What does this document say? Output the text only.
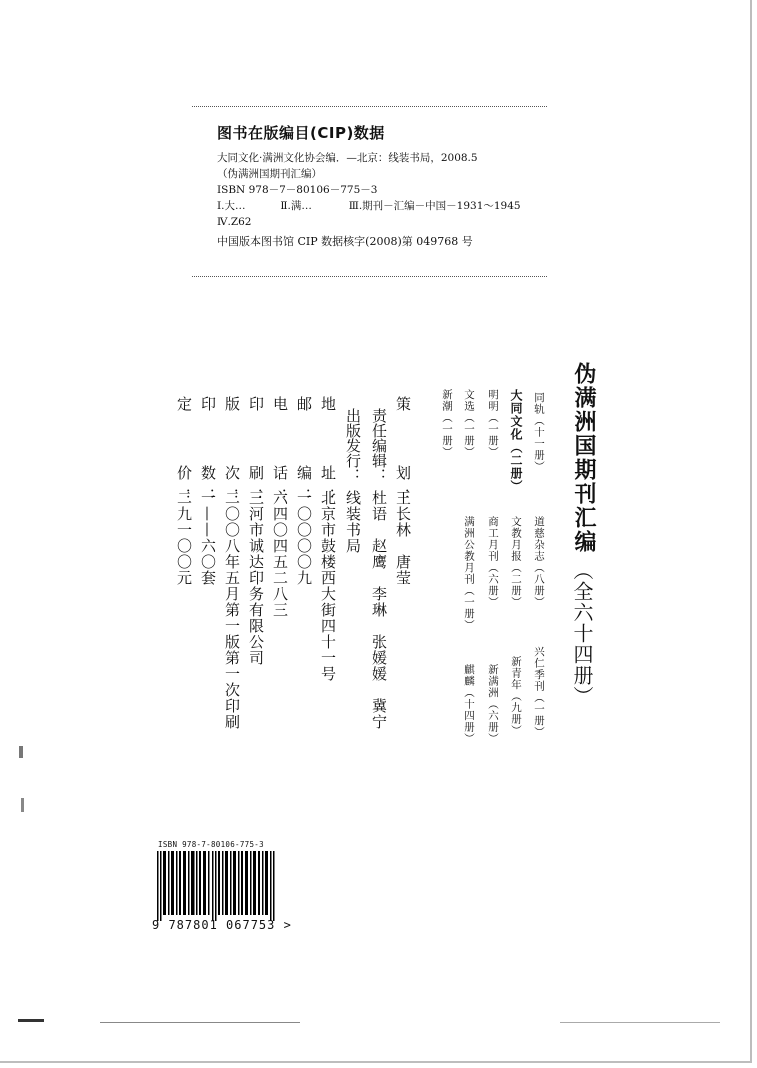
图书在版编目(CIP)数据
大同文化·满洲文化协会编．—北京：线装书局，2008.5
（伪满洲国期刊汇编）
ISBN 978－7－80106－775－3
Ⅰ.大…	Ⅱ.满…	Ⅲ.期刊－汇编－中国－1931～1945
Ⅳ.Z62
中国版本图书馆 CIP 数据核字(2008)第 049768 号
伪满洲国期刊汇编
（全六十四册）
同轨（十一册）
道慈杂志（八册）
兴仁季刊（一册）
大同文化（二册）
文教月报（二册）
新青年（九册）
明明（一册）
商工月刊（六册）
新满洲（六册）
文选（一册）
满洲公教月刊（一册）
麒麟（十四册）
新潮（一册）
策　　划：
王长林　唐莹
责任编辑：
杜语　赵鹰　李琳　张媛媛　冀宁
出版发行：
线装书局
地　　址：
北京市鼓楼西大街四十一号
邮　　编：
一〇〇〇〇九
电　　话：
六四〇四五二八三
印　　刷：
三河市诚达印务有限公司
版　　次：
二〇〇八年五月第一版第一次印刷
印　　数：
一——六〇套
定　　价：
二九一〇〇元
ISBN 978-7-80106-775-3
9 787801 067753 >
